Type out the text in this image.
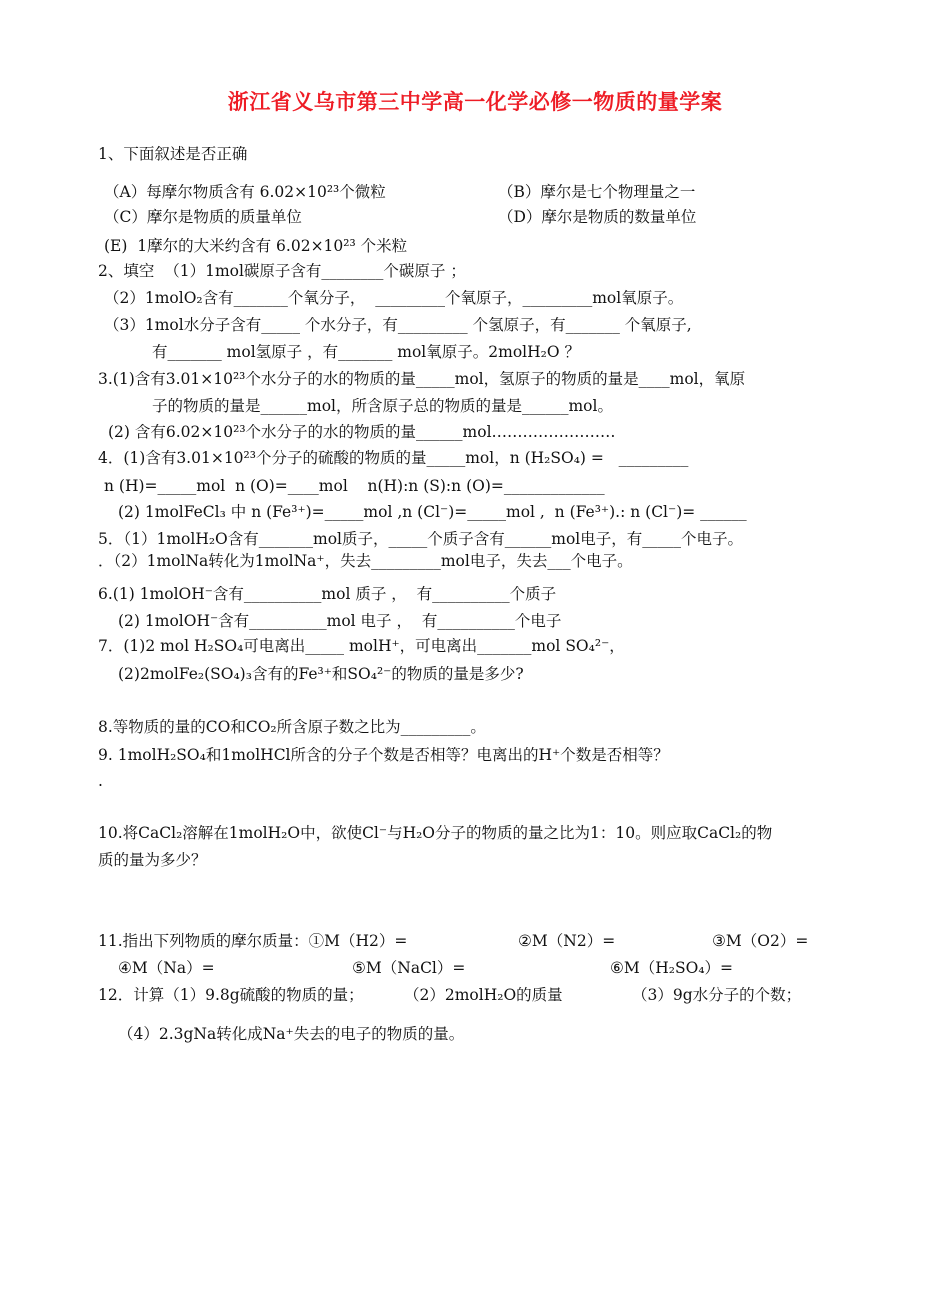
浙江省义乌市第三中学高一化学必修一物质的量学案
1、下面叙述是否正确
（A）每摩尔物质含有 6.02×10²³个微粒	（B）摩尔是七个物理量之一
（C）摩尔是物质的质量单位	（D）摩尔是物质的数量单位
(E)  1摩尔的大米约含有 6.02×10²³ 个米粒
2、填空  （1）1mol碳原子含有________个碳原子 ；
（2）1molO₂含有_______个氧分子，  _________个氧原子，_________mol氧原子。
（3）1mol水分子含有_____ 个水分子，有_________ 个氢原子，有_______ 个氧原子,
有_______ mol氢原子 ，有_______ mol氧原子。2molH₂O ？
3.(1)含有3.01×10²³个水分子的水的物质的量_____mol，氢原子的物质的量是____mol，氧原
子的物质的量是______mol，所含原子总的物质的量是______mol。
(2) 含有6.02×10²³个水分子的水的物质的量______mol……………………
4．(1)含有3.01×10²³个分子的硫酸的物质的量_____mol，n (H₂SO₄) =   _________
n (H)=_____mol  n (O)=____mol    n(H):n (S):n (O)=_____________
(2) 1molFeCl₃ 中 n (Fe³⁺)=_____mol ,n (Cl⁻)=_____mol ,  n (Fe³⁺).: n (Cl⁻)= ______
5．（1）1molH₂O含有_______mol质子，_____个质子含有______mol电子，有_____个电子。
．（2）1molNa转化为1molNa⁺，失去_________mol电子，失去___个电子。
6.(1) 1molOH⁻含有__________mol 质子 ，  有__________个质子
(2) 1molOH⁻含有__________mol 电子 ，  有__________个电子
7．(1)2 mol H₂SO₄可电离出_____ molH⁺，可电离出_______mol SO₄²⁻，
(2)2molFe₂(SO₄)₃含有的Fe³⁺和SO₄²⁻的物质的量是多少?
8.等物质的量的CO和CO₂所含原子数之比为_________。
9. 1molH₂SO₄和1molHCl所含的分子个数是否相等？电离出的H⁺个数是否相等？
.
10.将CaCl₂溶解在1molH₂O中，欲使Cl⁻与H₂O分子的物质的量之比为1：10。则应取CaCl₂的物
质的量为多少？
11.指出下列物质的摩尔质量：①M（H2）=	②M（N2）=	③M（O2）=
④M（Na）=	⑤M（NaCl）=	⑥M（H₂SO₄）=
12．计算（1）9.8g硫酸的物质的量；	（2）2molH₂O的质量	（3）9g水分子的个数；
（4）2.3gNa转化成Na⁺失去的电子的物质的量。
